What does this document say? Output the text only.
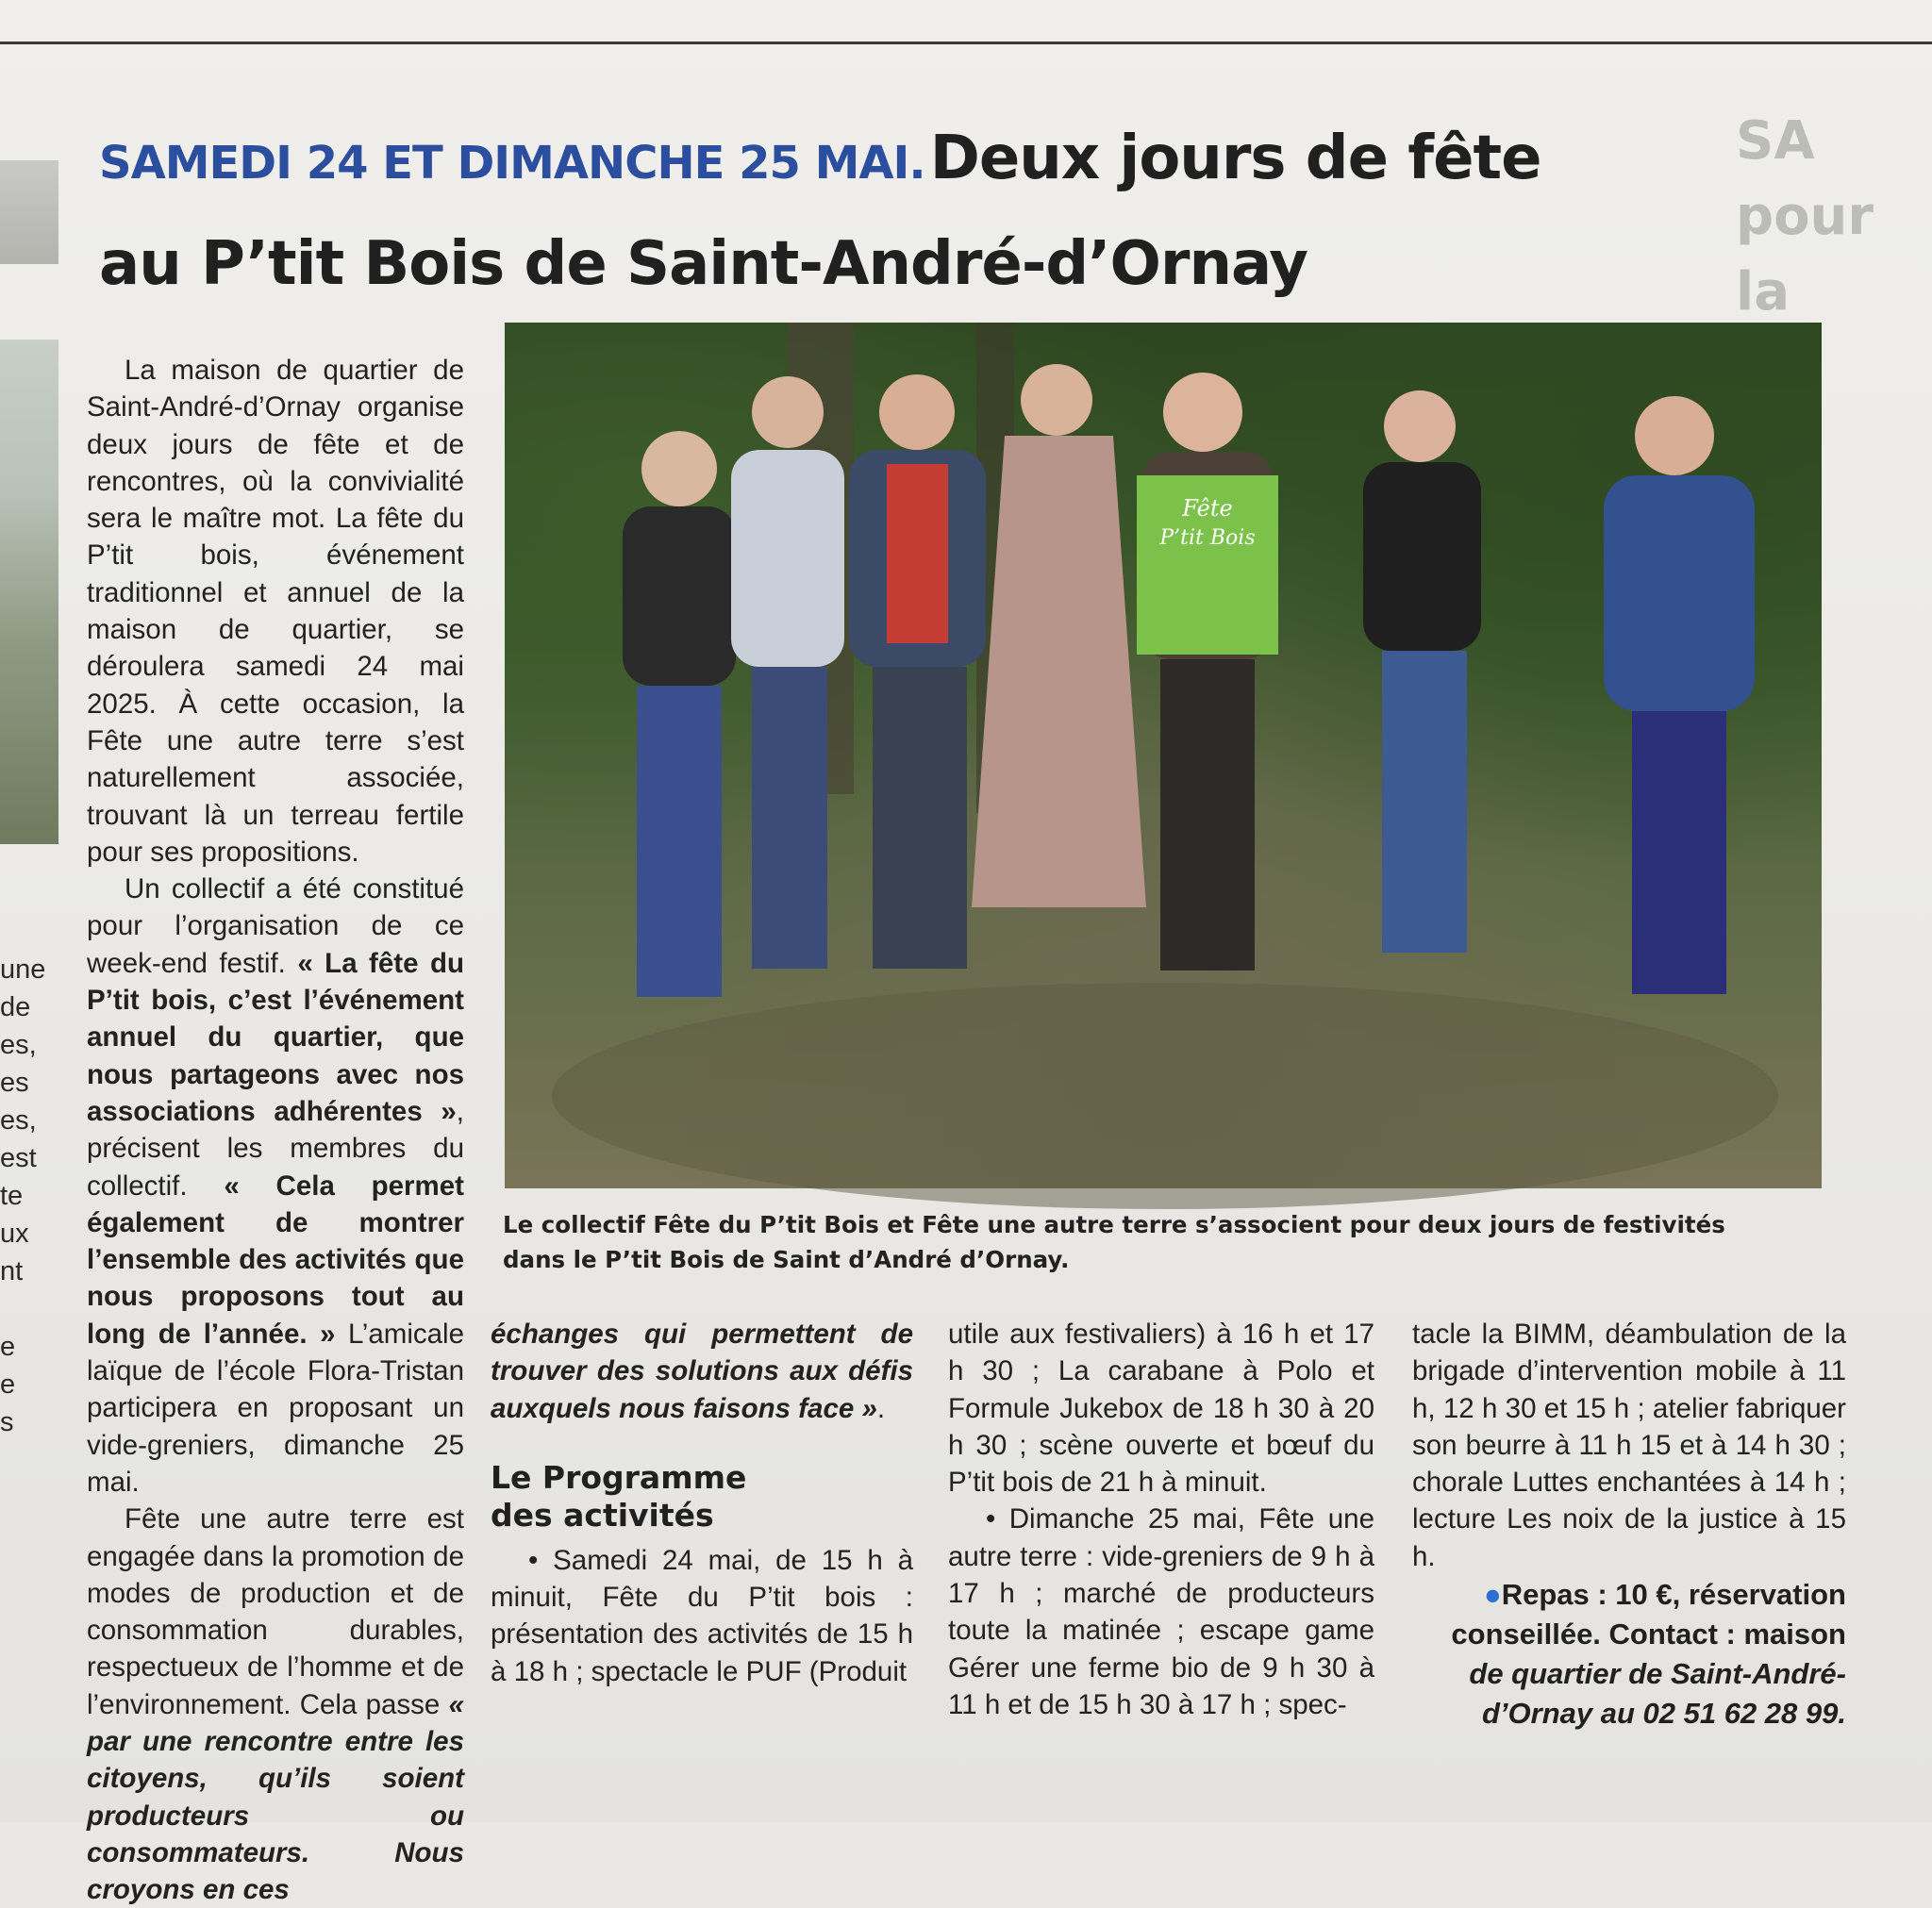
une
de
es,
es
es,
est
te
ux
nt
e
e
s
SA
pour la
SAMEDI 24 ET DIMANCHE 25 MAI. Deux jours de fête
au P’tit Bois de Saint-André-d’Ornay

La maison de quartier de Saint-André-d’Ornay organise deux jours de fête et de rencontres, où la convivialité sera le maître mot. La fête du P’tit bois, événement traditionnel et annuel de la maison de quartier, se déroulera samedi 24 mai 2025. À cette occasion, la Fête une autre terre s’est naturellement associée, trouvant là un terreau fertile pour ses propositions.

Un collectif a été constitué pour l’organisation de ce week-end festif. « La fête du P’tit bois, c’est l’événement annuel du quartier, que nous partageons avec nos associations adhérentes », précisent les membres du collectif. « Cela permet également de montrer l’ensemble des activités que nous proposons tout au long de l’année. » L’amicale laïque de l’école Flora-Tristan participera en proposant un vide-greniers, dimanche 25 mai.

Fête une autre terre est engagée dans la promotion de modes de production et de consommation durables, respectueux de l’homme et de l’environnement. Cela passe « par une rencontre entre les citoyens, qu’ils soient producteurs ou consommateurs. Nous croyons en ces

Fête
P’tit Bois
Le collectif Fête du P’tit Bois et Fête une autre terre s’associent pour deux jours de festivités
dans le P’tit Bois de Saint d’André d’Ornay.

échanges qui permettent de trouver des solutions aux défis auxquels nous faisons face ».

Le Programme
des activités

• Samedi 24 mai, de 15 h à minuit, Fête du P’tit bois : présentation des activités de 15 h à 18 h ; spectacle le PUF (Produit

utile aux festivaliers) à 16 h et 17 h 30 ; La carabane à Polo et Formule Jukebox de 18 h 30 à 20 h 30 ; scène ouverte et bœuf du P’tit bois de 21 h à minuit.

• Dimanche 25 mai, Fête une autre terre : vide-greniers de 9 h à 17 h ; marché de producteurs toute la matinée ; escape game Gérer une ferme bio de 9 h 30 à 11 h et de 15 h 30 à 17 h ; spec-

tacle la BIMM, déambulation de la brigade d’intervention mobile à 11 h, 12 h 30 et 15 h ; atelier fabriquer son beurre à 11 h 15 et à 14 h 30 ; chorale Luttes enchantées à 14 h ; lecture Les noix de la justice à 15 h.

●Repas : 10 €, réservation conseillée. Contact : maison
de quartier de Saint-André-d’Ornay au 02 51 62 28 99.
